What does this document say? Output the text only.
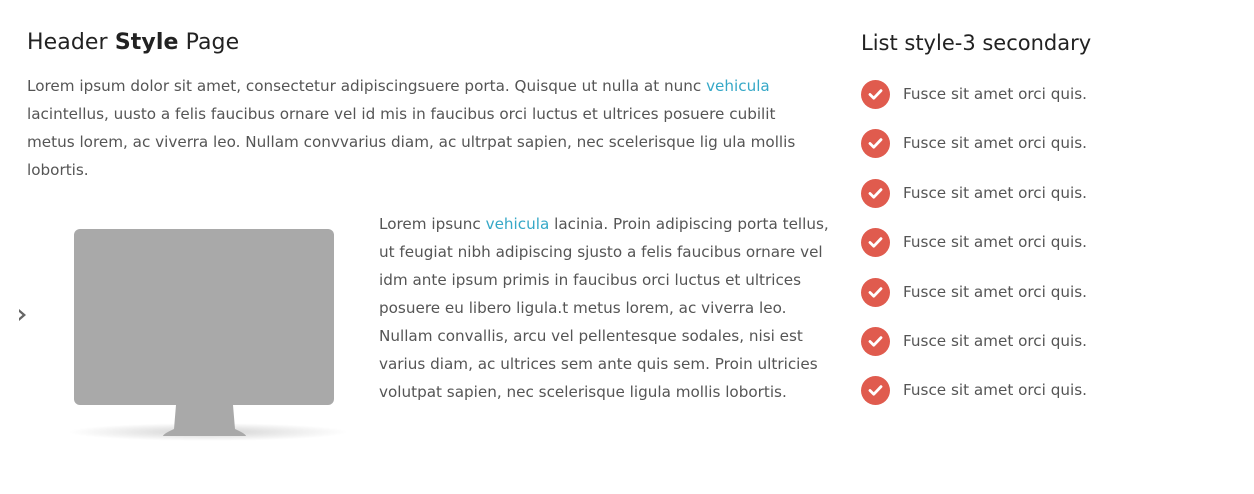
Header Style Page

Lorem ipsum dolor sit amet, consectetur adipiscingsuere porta. Quisque ut nulla at nunc vehicula lacintellus, uusto a felis faucibus ornare vel id mis in faucibus orci luctus et ultrices posuere cubilit metus lorem, ac viverra leo. Nullam convvarius diam, ac ultrpat sapien, nec scelerisque lig ula mollis lobortis.

Lorem ipsunc vehicula lacinia. Proin adipiscing porta tellus, ut feugiat nibh adipiscing sjusto a felis faucibus ornare vel idm ante ipsum primis in faucibus orci luctus et ultrices posuere eu libero ligula.t metus lorem, ac viverra leo. Nullam convallis, arcu vel pellentesque sodales, nisi est varius diam, ac ultrices sem ante quis sem. Proin ultricies volutpat sapien, nec scelerisque ligula mollis lobortis.

List style-3 secondary
Fusce sit amet orci quis.
Fusce sit amet orci quis.
Fusce sit amet orci quis.
Fusce sit amet orci quis.
Fusce sit amet orci quis.
Fusce sit amet orci quis.
Fusce sit amet orci quis.
